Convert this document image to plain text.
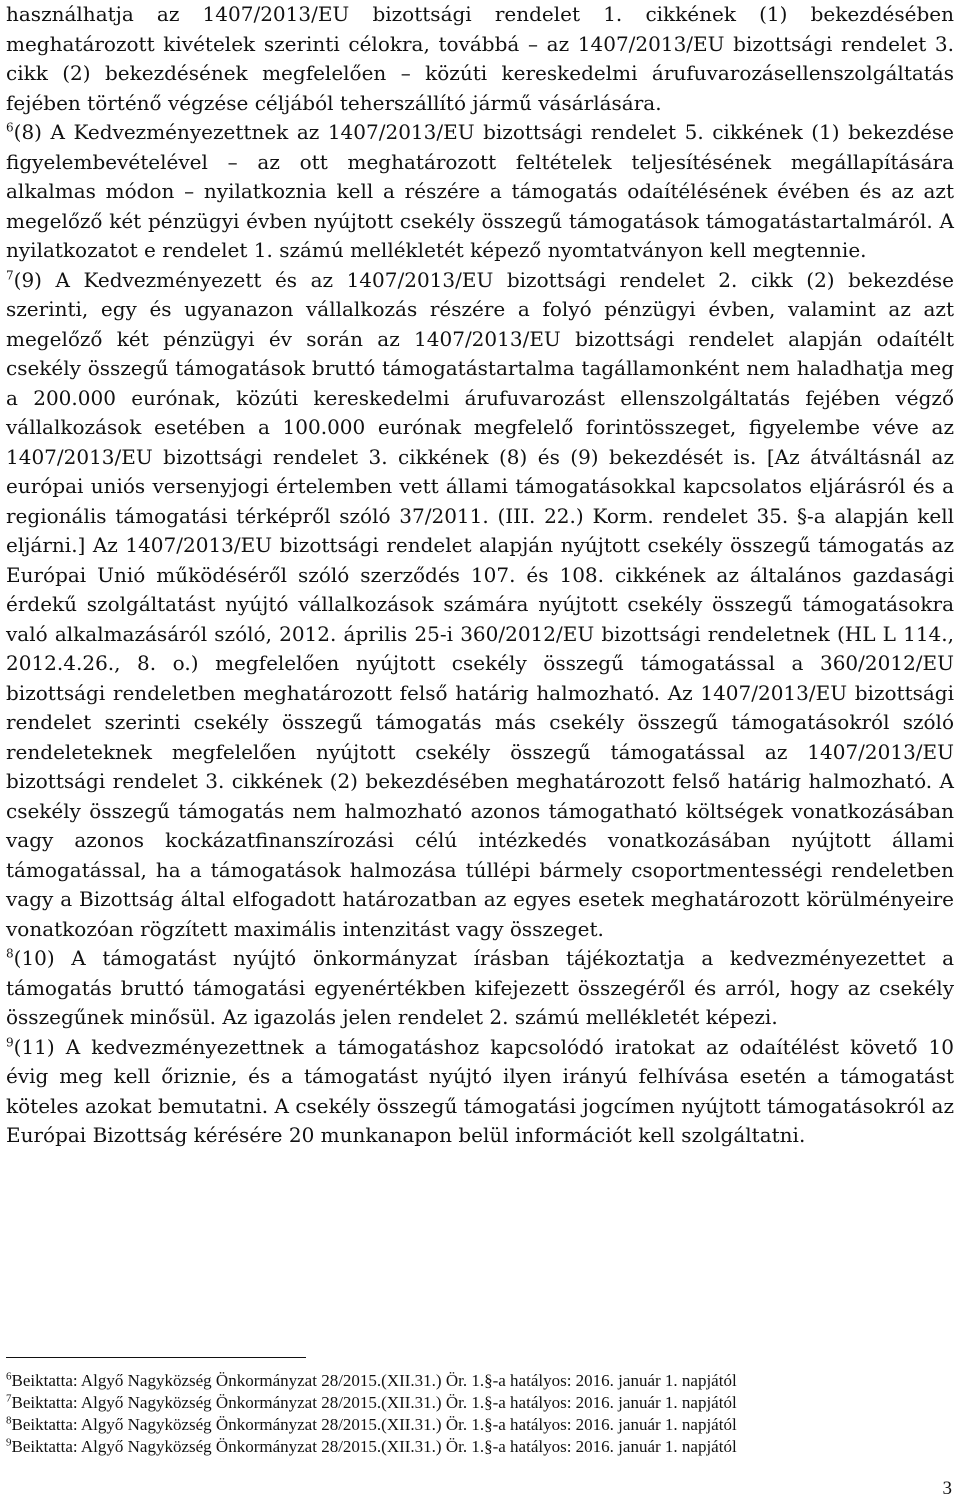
használhatja az 1407/2013/EU bizottsági rendelet 1. cikkének (1) bekezdésében meghatározott kivételek szerinti célokra, továbbá – az 1407/2013/EU bizottsági rendelet 3. cikk (2) bekezdésének megfelelően – közúti kereskedelmi árufuvarozásellenszolgáltatás fejében történő végzése céljából teherszállító jármű vásárlására.

$^6$(8) A Kedvezményezettnek az 1407/2013/EU bizottsági rendelet 5. cikkének (1) bekezdése figyelembevételével – az ott meghatározott feltételek teljesítésének megállapítására alkalmas módon – nyilatkoznia kell a részére a támogatás odaítélésének évében és az azt megelőző két pénzügyi évben nyújtott csekély összegű támogatások támogatástartalmáról. A nyilatkozatot e rendelet 1. számú mellékletét képező nyomtatványon kell megtennie.

$^7$(9) A Kedvezményezett és az 1407/2013/EU bizottsági rendelet 2. cikk (2) bekezdése szerinti, egy és ugyanazon vállalkozás részére a folyó pénzügyi évben, valamint az azt megelőző két pénzügyi év során az 1407/2013/EU bizottsági rendelet alapján odaítélt csekély összegű támogatások bruttó támogatástartalma tagállamonként nem haladhatja meg a 200.000 eurónak, közúti kereskedelmi árufuvarozást ellenszolgáltatás fejében végző vállalkozások esetében a 100.000 eurónak megfelelő forintösszeget, figyelembe véve az 1407/2013/EU bizottsági rendelet 3. cikkének (8) és (9) bekezdését is. [Az átváltásnál az európai uniós versenyjogi értelemben vett állami támogatásokkal kapcsolatos eljárásról és a regionális támogatási térképről szóló 37/2011. (III. 22.) Korm. rendelet 35. §-a alapján kell eljárni.] Az 1407/2013/EU bizottsági rendelet alapján nyújtott csekély összegű támogatás az Európai Unió működéséről szóló szerződés 107. és 108. cikkének az általános gazdasági érdekű szolgáltatást nyújtó vállalkozások számára nyújtott csekély összegű támogatásokra való alkalmazásáról szóló, 2012. április 25-i 360/2012/EU bizottsági rendeletnek (HL L 114., 2012.4.26., 8. o.) megfelelően nyújtott csekély összegű támogatással a 360/2012/EU bizottsági rendeletben meghatározott felső határig halmozható. Az 1407/2013/EU bizottsági rendelet szerinti csekély összegű támogatás más csekély összegű támogatásokról szóló rendeleteknek megfelelően nyújtott csekély összegű támogatással az 1407/2013/EU bizottsági rendelet 3. cikkének (2) bekezdésében meghatározott felső határig halmozható. A csekély összegű támogatás nem halmozható azonos támogatható költségek vonatkozásában vagy azonos kockázatfinanszírozási célú intézkedés vonatkozásában nyújtott állami támogatással, ha a támogatások halmozása túllépi bármely csoportmentességi rendeletben vagy a Bizottság által elfogadott határozatban az egyes esetek meghatározott körülményeire vonatkozóan rögzített maximális intenzitást vagy összeget.

$^8$(10) A támogatást nyújtó önkormányzat írásban tájékoztatja a kedvezményezettet a támogatás bruttó támogatási egyenértékben kifejezett összegéről és arról, hogy az csekély összegűnek minősül. Az igazolás jelen rendelet 2. számú mellékletét képezi.

$^9$(11) A kedvezményezettnek a támogatáshoz kapcsolódó iratokat az odaítélést követő 10 évig meg kell őriznie, és a támogatást nyújtó ilyen irányú felhívása esetén a támogatást köteles azokat bemutatni. A csekély összegű támogatási jogcímen nyújtott támogatásokról az Európai Bizottság kérésére 20 munkanapon belül információt kell szolgáltatni.

$^6$Beiktatta: Algyő Nagyközség Önkormányzat 28/2015.(XII.31.) Ör. 1.§-a hatályos: 2016. január 1. napjától

$^7$Beiktatta: Algyő Nagyközség Önkormányzat 28/2015.(XII.31.) Ör. 1.§-a hatályos: 2016. január 1. napjától

$^8$Beiktatta: Algyő Nagyközség Önkormányzat 28/2015.(XII.31.) Ör. 1.§-a hatályos: 2016. január 1. napjától

$^9$Beiktatta: Algyő Nagyközség Önkormányzat 28/2015.(XII.31.) Ör. 1.§-a hatályos: 2016. január 1. napjától

3
